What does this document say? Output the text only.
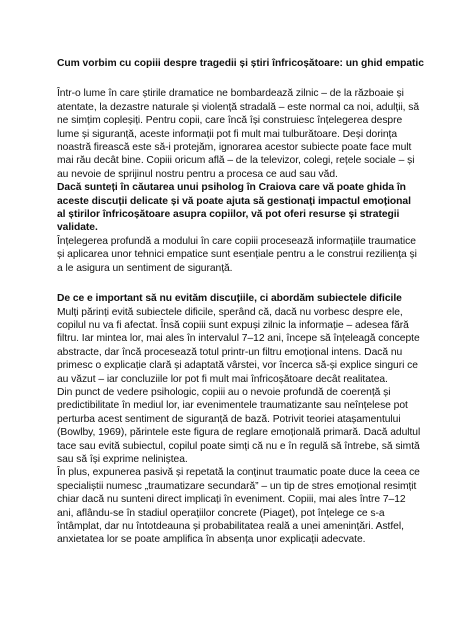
Cum vorbim cu copiii despre tragedii și știri înfricoșătoare: un ghid empatic

Într-o lume în care știrile dramatice ne bombardează zilnic – de la războaie și atentate, la dezastre naturale și violență stradală – este normal ca noi, adulții, să ne simțim copleșiți. Pentru copii, care încă își construiesc înțelegerea despre lume și siguranță, aceste informații pot fi mult mai tulburătoare. Deși dorința noastră firească este să-i protejăm, ignorarea acestor subiecte poate face mult mai rău decât bine. Copiii oricum află – de la televizor, colegi, rețele sociale – și au nevoie de sprijinul nostru pentru a procesa ce aud sau văd.

Dacă sunteți în căutarea unui psiholog în Craiova care vă poate ghida în aceste discuții delicate și vă poate ajuta să gestionați impactul emoțional al știrilor înfricoșătoare asupra copiilor, vă pot oferi resurse și strategii validate.

Înțelegerea profundă a modului în care copiii procesează informațiile traumatice și aplicarea unor tehnici empatice sunt esențiale pentru a le construi reziliența și a le asigura un sentiment de siguranță.

De ce e important să nu evităm discuțiile, ci abordăm subiectele dificile

Mulți părinți evită subiectele dificile, sperând că, dacă nu vorbesc despre ele, copilul nu va fi afectat. Însă copiii sunt expuși zilnic la informație – adesea fără filtru. Iar mintea lor, mai ales în intervalul 7–12 ani, începe să înțeleagă concepte abstracte, dar încă procesează totul printr-un filtru emoțional intens. Dacă nu primesc o explicație clară și adaptată vârstei, vor încerca să-și explice singuri ce au văzut – iar concluziile lor pot fi mult mai înfricoșătoare decât realitatea.

Din punct de vedere psihologic, copiii au o nevoie profundă de coerență și predictibilitate în mediul lor, iar evenimentele traumatizante sau neînțelese pot perturba acest sentiment de siguranță de bază. Potrivit teoriei atașamentului (Bowlby, 1969), părintele este figura de reglare emoțională primară. Dacă adultul tace sau evită subiectul, copilul poate simți că nu e în regulă să întrebe, să simtă sau să își exprime neliniștea.

În plus, expunerea pasivă și repetată la conținut traumatic poate duce la ceea ce specialiștii numesc „traumatizare secundară” – un tip de stres emoțional resimțit chiar dacă nu sunteni direct implicați în eveniment. Copiii, mai ales între 7–12 ani, aflându-se în stadiul operațiilor concrete (Piaget), pot înțelege ce s-a întâmplat, dar nu întotdeauna și probabilitatea reală a unei amenințări. Astfel, anxietatea lor se poate amplifica în absența unor explicații adecvate.
